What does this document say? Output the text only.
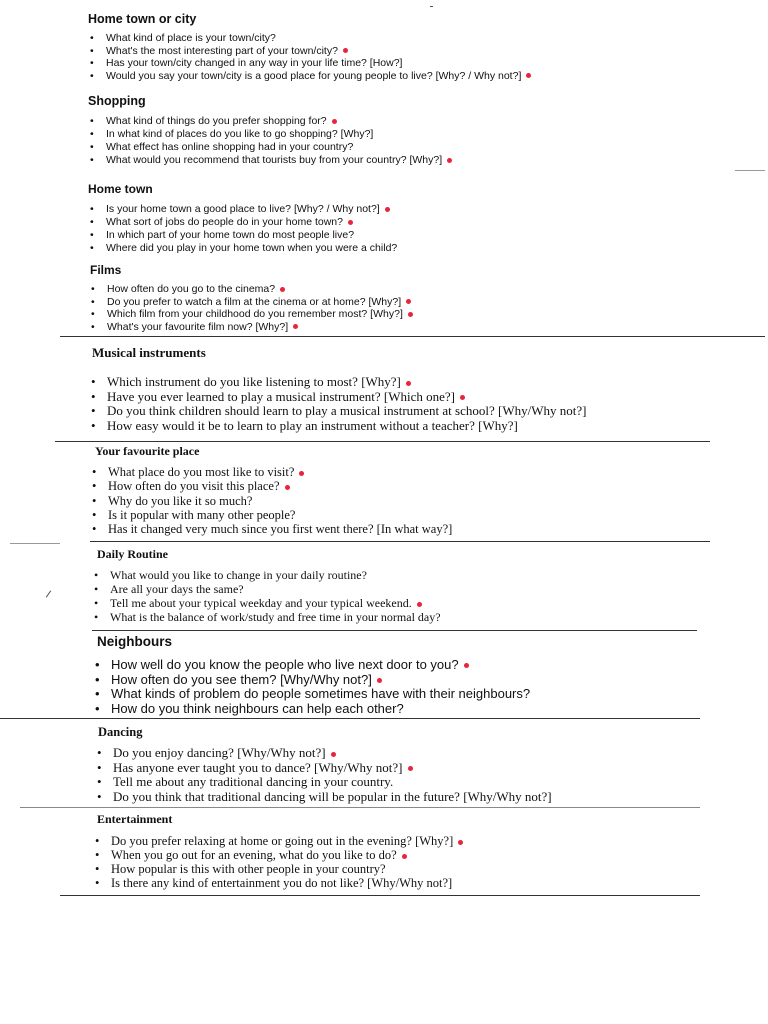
Home town or city
• What kind of place is your town/city?
• What's the most interesting part of your town/city?
• Has your town/city changed in any way in your life time? [How?]
• Would you say your town/city is a good place for young people to live? [Why? / Why not?]
Shopping
• What kind of things do you prefer shopping for?
• In what kind of places do you like to go shopping? [Why?]
• What effect has online shopping had in your country?
• What would you recommend that tourists buy from your country? [Why?]
Home town
• Is your home town a good place to live? [Why? / Why not?]
• What sort of jobs do people do in your home town?
• In which part of your home town do most people live?
• Where did you play in your home town when you were a child?
Films
• How often do you go to the cinema?
• Do you prefer to watch a film at the cinema or at home? [Why?]
• Which film from your childhood do you remember most? [Why?]
• What's your favourite film now? [Why?]
Musical instruments
• Which instrument do you like listening to most? [Why?]
• Have you ever learned to play a musical instrument? [Which one?]
• Do you think children should learn to play a musical instrument at school? [Why/Why not?]
• How easy would it be to learn to play an instrument without a teacher? [Why?]
Your favourite place
• What place do you most like to visit?
• How often do you visit this place?
• Why do you like it so much?
• Is it popular with many other people?
• Has it changed very much since you first went there? [In what way?]
Daily Routine
• What would you like to change in your daily routine?
• Are all your days the same?
• Tell me about your typical weekday and your typical weekend.
• What is the balance of work/study and free time in your normal day?
Neighbours
• How well do you know the people who live next door to you?
• How often do you see them? [Why/Why not?]
• What kinds of problem do people sometimes have with their neighbours?
• How do you think neighbours can help each other?
Dancing
• Do you enjoy dancing? [Why/Why not?]
• Has anyone ever taught you to dance? [Why/Why not?]
• Tell me about any traditional dancing in your country.
• Do you think that traditional dancing will be popular in the future? [Why/Why not?]
Entertainment
• Do you prefer relaxing at home or going out in the evening? [Why?]
• When you go out for an evening, what do you like to do?
• How popular is this with other people in your country?
• Is there any kind of entertainment you do not like? [Why/Why not?]
